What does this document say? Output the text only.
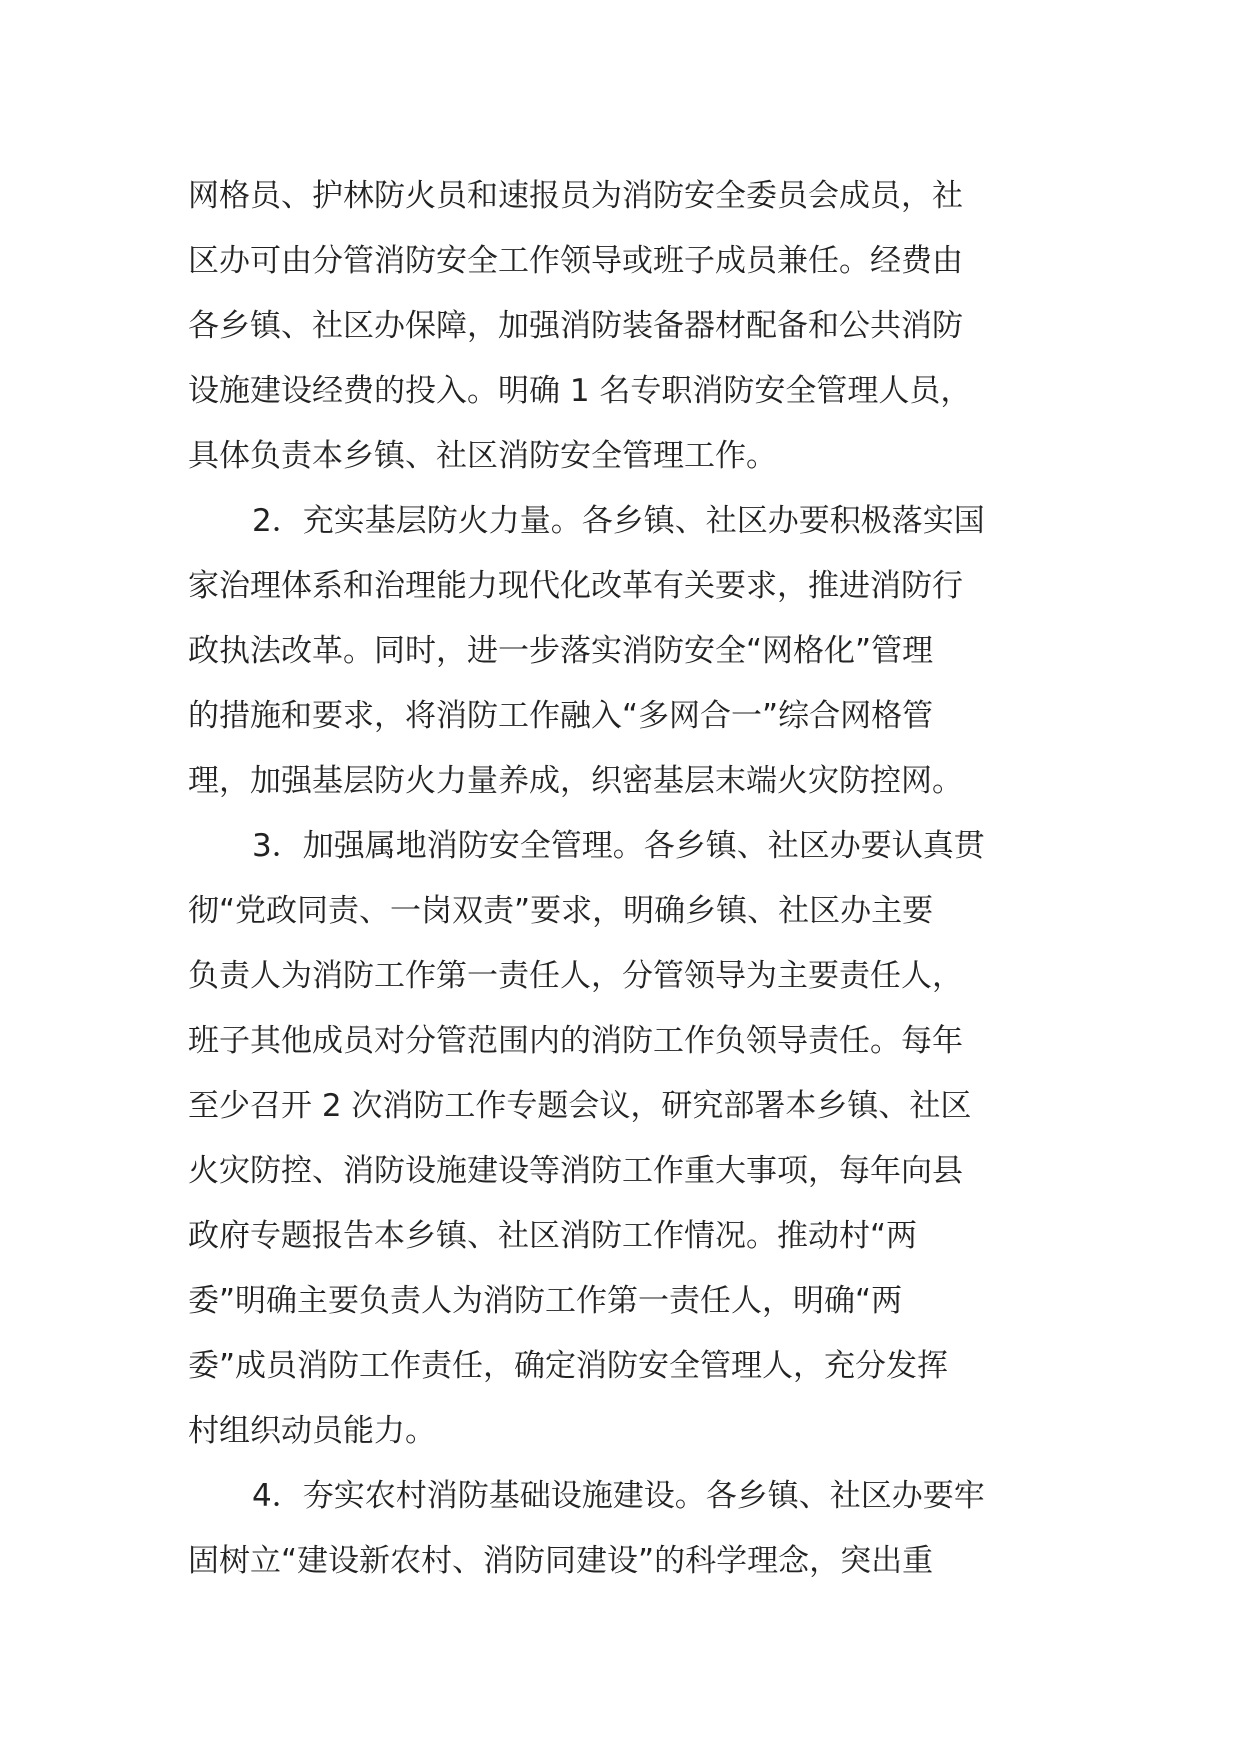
网格员、护林防火员和速报员为消防安全委员会成员，社
区办可由分管消防安全工作领导或班子成员兼任。经费由
各乡镇、社区办保障，加强消防装备器材配备和公共消防
设施建设经费的投入。明确 1 名专职消防安全管理人员，
具体负责本乡镇、社区消防安全管理工作。
2．充实基层防火力量。各乡镇、社区办要积极落实国
家治理体系和治理能力现代化改革有关要求，推进消防行
政执法改革。同时，进一步落实消防安全“网格化”管理
的措施和要求，将消防工作融入“多网合一”综合网格管
理，加强基层防火力量养成，织密基层末端火灾防控网。
3．加强属地消防安全管理。各乡镇、社区办要认真贯
彻“党政同责、一岗双责”要求，明确乡镇、社区办主要
负责人为消防工作第一责任人，分管领导为主要责任人，
班子其他成员对分管范围内的消防工作负领导责任。每年
至少召开 2 次消防工作专题会议，研究部署本乡镇、社区
火灾防控、消防设施建设等消防工作重大事项，每年向县
政府专题报告本乡镇、社区消防工作情况。推动村“两
委”明确主要负责人为消防工作第一责任人，明确“两
委”成员消防工作责任，确定消防安全管理人，充分发挥
村组织动员能力。
4．夯实农村消防基础设施建设。各乡镇、社区办要牢
固树立“建设新农村、消防同建设”的科学理念，突出重
